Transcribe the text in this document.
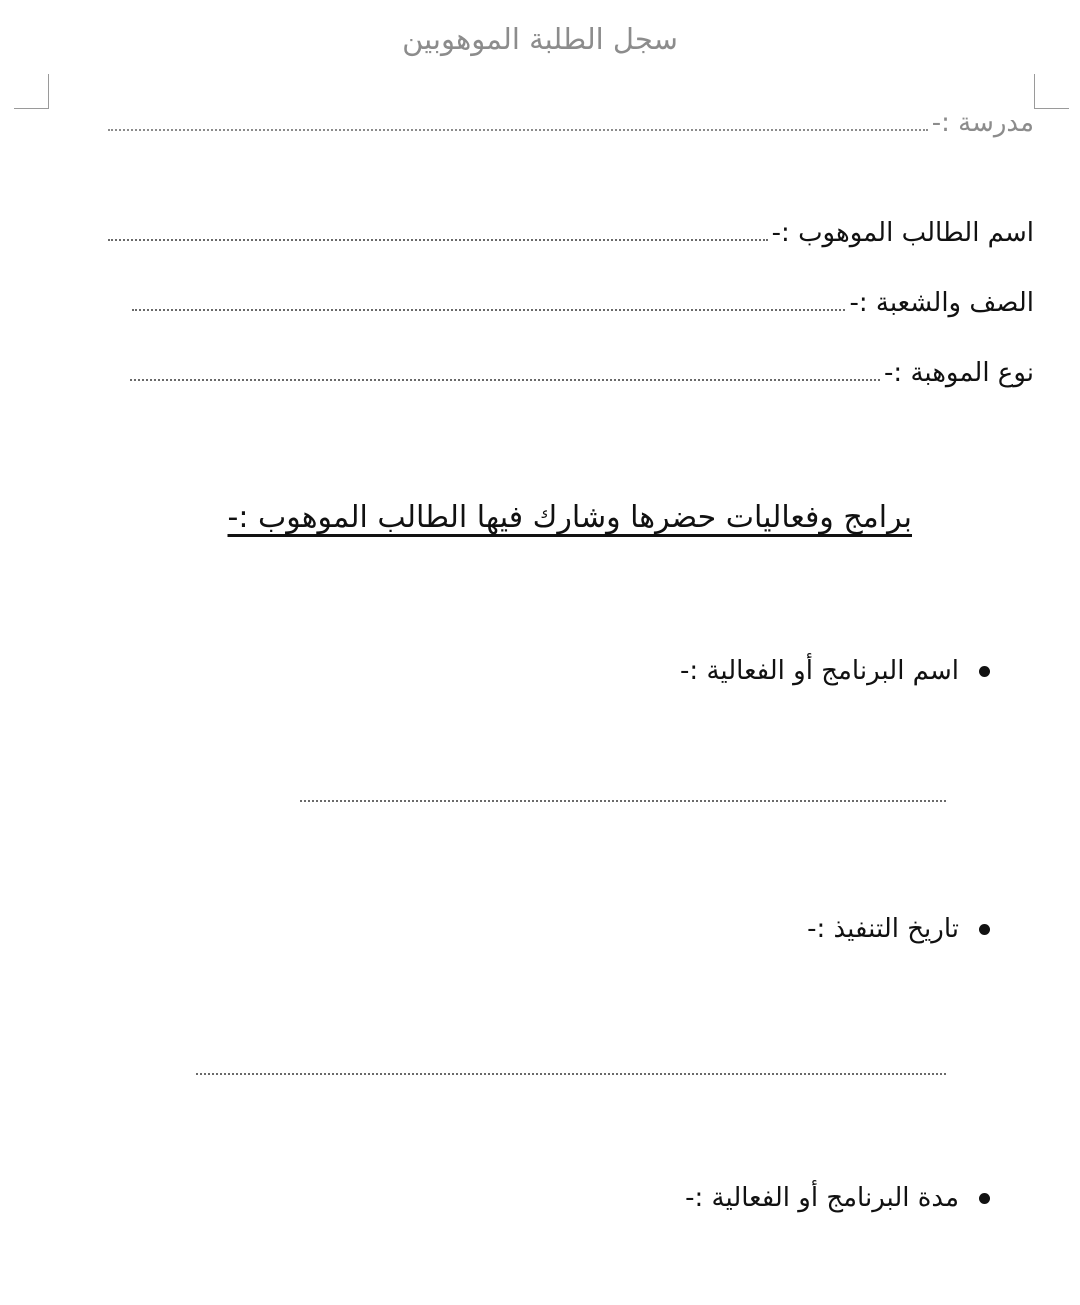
سجل الطلبة الموهوبين
مدرسة :-
اسم الطالب الموهوب :-
الصف والشعبة :-
نوع الموهبة :-
برامج وفعاليات حضرها وشارك فيها الطالب الموهوب :-
اسم البرنامج أو الفعالية :-
تاريخ التنفيذ :-
مدة البرنامج أو الفعالية :-
